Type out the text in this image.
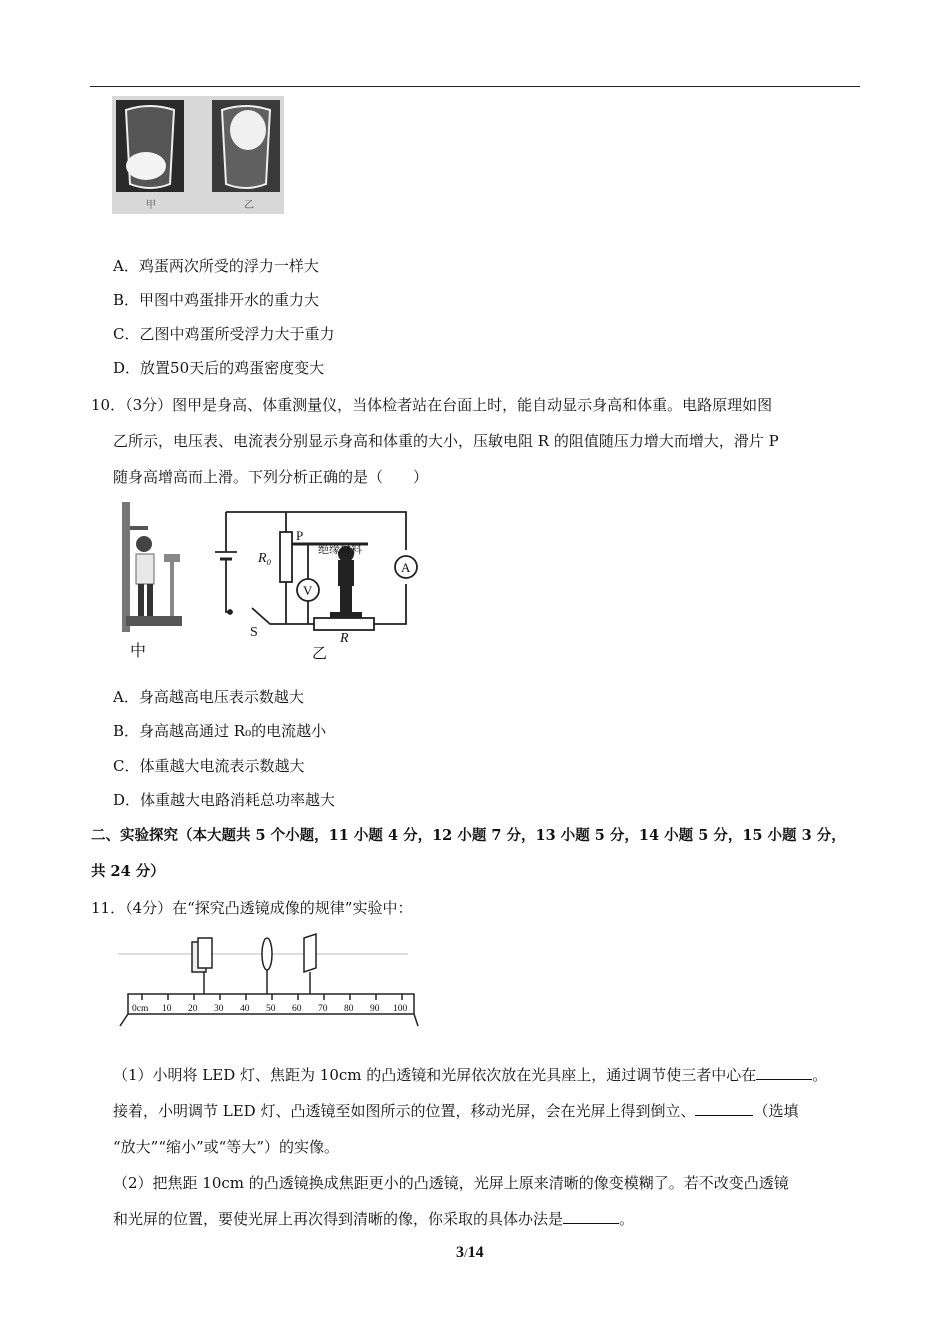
甲	乙
A．鸡蛋两次所受的浮力一样大
B．甲图中鸡蛋排开水的重力大
C．乙图中鸡蛋所受浮力大于重力
D．放置50天后的鸡蛋密度变大
10．（3分）图甲是身高、体重测量仪，当体检者站在台面上时，能自动显示身高和体重。电路原理如图
乙所示，电压表、电流表分别显示身高和体重的大小，压敏电阻 R 的阻值随压力增大而增大，滑片 P
随身高增高而上滑。下列分析正确的是（　　）
中
R₀
P
绝缘材料
A
V
S	R
乙
A．身高越高电压表示数越大
B．身高越高通过 R₀的电流越小
C．体重越大电流表示数越大
D．体重越大电路消耗总功率越大
二、实验探究（本大题共 5 个小题，11 小题 4 分，12 小题 7 分，13 小题 5 分，14 小题 5 分，15 小题 3 分，
共 24 分）
11．（4分）在“探究凸透镜成像的规律”实验中：
0cm 10 20 30 40 50 60 70 80 90 100
（1）小明将 LED 灯、焦距为 10cm 的凸透镜和光屏依次放在光具座上，通过调节使三者中心在	。
接着，小明调节 LED 灯、凸透镜至如图所示的位置，移动光屏，会在光屏上得到倒立、	（选填
“放大”“缩小”或“等大”）的实像。
（2）把焦距 10cm 的凸透镜换成焦距更小的凸透镜，光屏上原来清晰的像变模糊了。若不改变凸透镜
和光屏的位置，要使光屏上再次得到清晰的像，你采取的具体办法是	。
3/14
